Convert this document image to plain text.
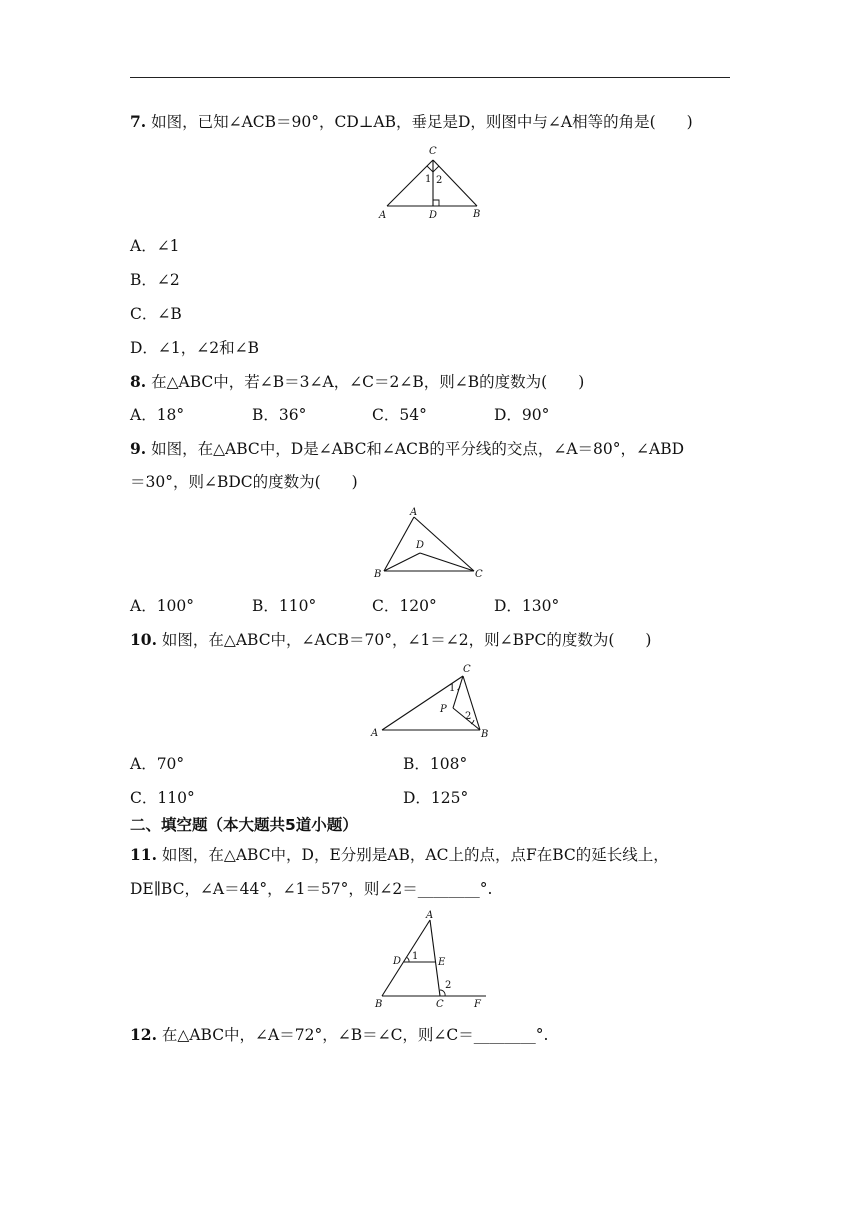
7. 如图，已知∠ACB＝90°，CD⊥AB，垂足是D，则图中与∠A相等的角是(　　)
C
1 2
A	D	B
A．∠1
B．∠2
C．∠B
D．∠1，∠2和∠B
8. 在△ABC中，若∠B＝3∠A，∠C＝2∠B，则∠B的度数为(　　)
A．18°	B．36°	C．54°	D．90°
9. 如图，在△ABC中，D是∠ABC和∠ACB的平分线的交点，∠A＝80°，∠ABD
＝30°，则∠BDC的度数为(　　)
A
D
B	C
A．100°	B．110°	C．120°	D．130°
10. 如图，在△ABC中，∠ACB＝70°，∠1＝∠2，则∠BPC的度数为(　　)
C
1
P
2
A	B
A．70°	B．108°
C．110°	D．125°
二、填空题（本大题共5道小题）
11. 如图，在△ABC中，D，E分别是AB，AC上的点，点F在BC的延长线上，
DE∥BC，∠A＝44°，∠1＝57°，则∠2＝________°.
A
D 1
E
2
B	C	F
12. 在△ABC中，∠A＝72°，∠B＝∠C，则∠C＝________°.
